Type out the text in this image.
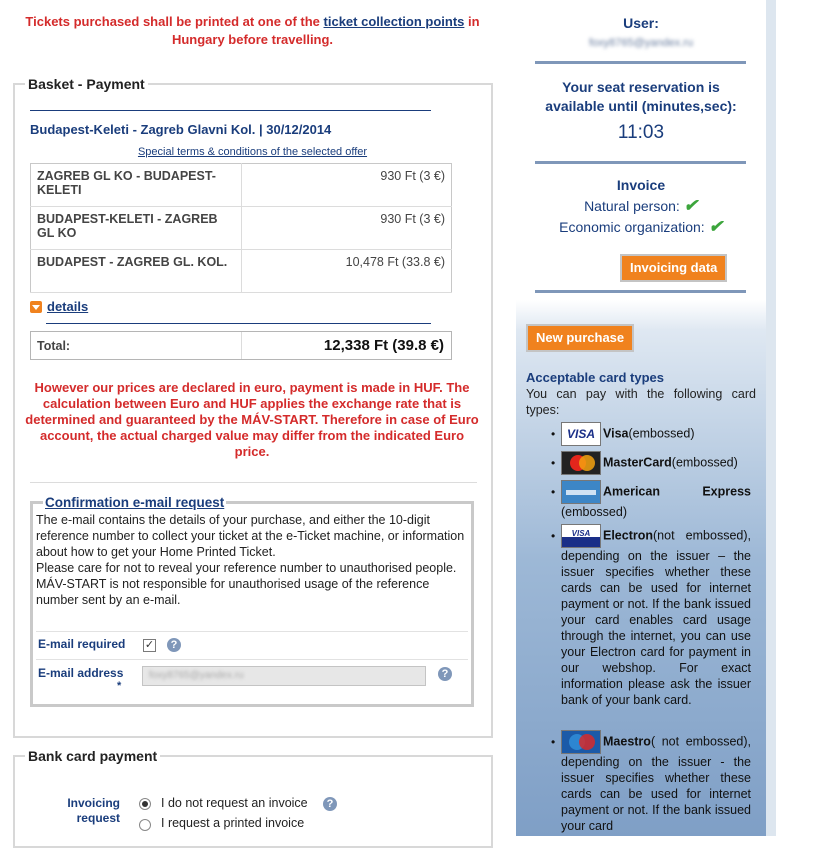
Tickets purchased shall be printed at one of the ticket collection points in Hungary before travelling.
Basket - Payment
Budapest-Keleti - Zagreb Glavni Kol. | 30/12/2014
Special terms & conditions of the selected offer
ZAGREB GL KO - BUDAPEST-KELETI	930 Ft (3 €)
BUDAPEST-KELETI - ZAGREB GL KO	930 Ft (3 €)
BUDAPEST - ZAGREB GL. KOL.	10,478 Ft (33.8 €)
details
Total:	12,338 Ft (39.8 €)
However our prices are declared in euro, payment is made in HUF. The calculation between Euro and HUF applies the exchange rate that is determined and guaranteed by the MÁV-START. Therefore in case of Euro account, the actual charged value may differ from the indicated Euro price.
Confirmation e-mail request
The e-mail contains the details of your purchase, and either the 10-digit reference number to collect your ticket at the e-Ticket machine, or information about how to get your Home Printed Ticket.
Please care for not to reveal your reference number to unauthorised people.
MÁV-START is not responsible for unauthorised usage of the reference number sent by an e-mail.
E-mail required ✓	?
E-mail address
*
foxy8765@yandex.ru	?
Bank card payment
Invoicing request
I do not request an invoice	?
I request a printed invoice
User:
foxy8765@yandex.ru
Your seat reservation is available until (minutes,sec):
11:03
Invoice
Natural person: ✔
Economic organization: ✔
Invoicing data
New purchase
Acceptable card types
You can pay with the following card types:
• VISA Visa(embossed)
• MasterCard(embossed)
• American Express (embossed)
VISA• Electron(not embossed), depending on the issuer – the issuer specifies whether these cards can be used for internet payment or not. If the bank issued your card enables card usage through the internet, you can use your Electron card for payment in our webshop. For exact information please ask the issuer bank of your bank card.
• Maestro( not embossed), depending on the issuer - the issuer specifies whether these cards can be used for internet payment or not. If the bank issued your card
